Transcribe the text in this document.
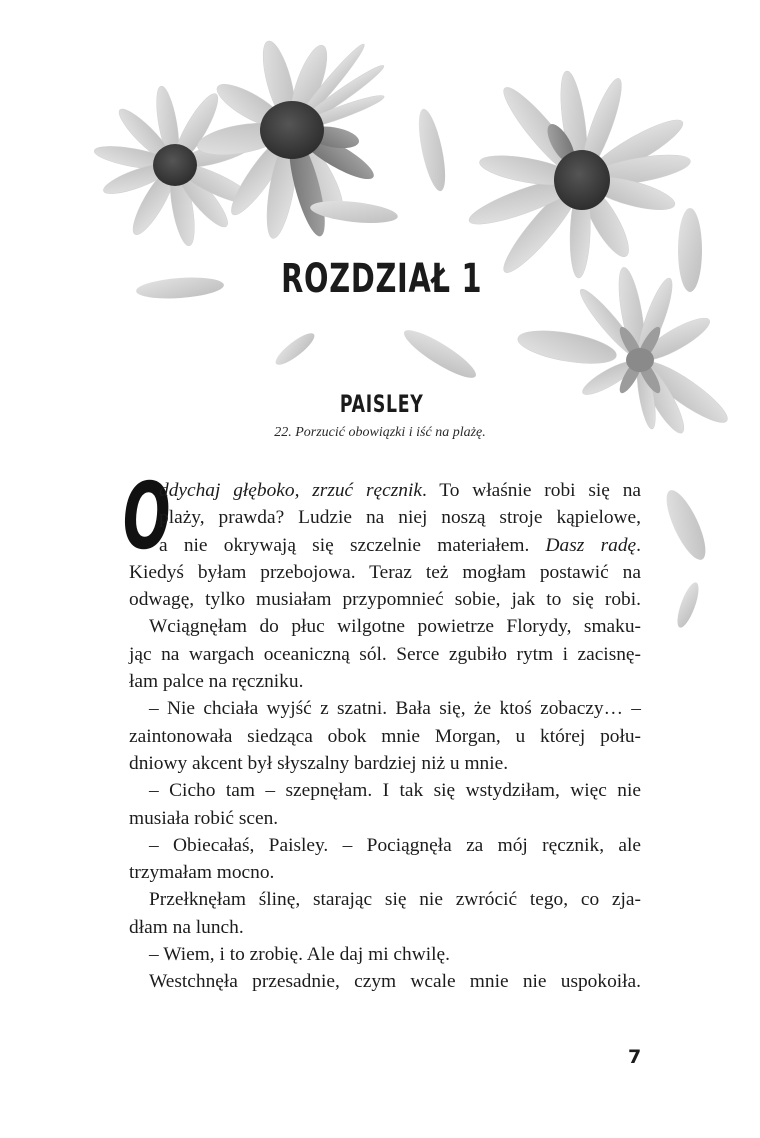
ROZDZIAŁ 1
PAISLEY
22. Porzucić obowiązki i iść na plażę.
O
ddychaj głęboko, zrzuć ręcznik. To właśnie robi się na
plaży, prawda? Ludzie na niej noszą stroje kąpielowe,
a nie okrywają się szczelnie materiałem. Dasz radę.
Kiedyś byłam przebojowa. Teraz też mogłam postawić na
odwagę, tylko musiałam przypomnieć sobie, jak to się robi.
Wciągnęłam do płuc wilgotne powietrze Florydy, smaku-
jąc na wargach oceaniczną sól. Serce zgubiło rytm i zacisnę-
łam palce na ręczniku.
– Nie chciała wyjść z szatni. Bała się, że ktoś zobaczy… –
zaintonowała siedząca obok mnie Morgan, u której połu-
dniowy akcent był słyszalny bardziej niż u mnie.
– Cicho tam – szepnęłam. I tak się wstydziłam, więc nie
musiała robić scen.
– Obiecałaś, Paisley. – Pociągnęła za mój ręcznik, ale
trzymałam mocno.
Przełknęłam ślinę, starając się nie zwrócić tego, co zja-
dłam na lunch.
– Wiem, i to zrobię. Ale daj mi chwilę.
Westchnęła przesadnie, czym wcale mnie nie uspokoiła.
7
